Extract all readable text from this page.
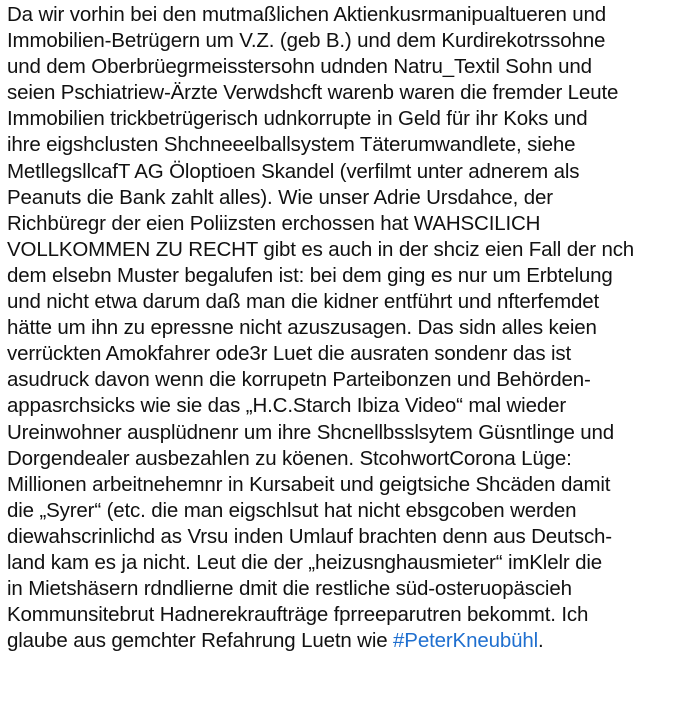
Da wir vorhin bei den mutmaßlichen Aktienkusrmanipualtueren und
Immobilien-Betrügern um V.Z. (geb B.) und dem Kurdirekotrssohne
und dem Oberbrüegrmeisstersohn udnden Natru_Textil Sohn und
seien Pschiatriew-Ärzte Verwdshcft warenb waren die fremder Leute
Immobilien trickbetrügerisch udnkorrupte in Geld für ihr Koks und
ihre eigshclusten Shchneeelballsystem Täterumwandlete, siehe
MetllegsllcafT AG Öloptioen Skandel (verfilmt unter adnerem als
Peanuts die Bank zahlt alles). Wie unser Adrie Ursdahce, der
Richbüregr der eien Poliizsten erchossen hat WAHSCILICH
VOLLKOMMEN ZU RECHT gibt es auch in der shciz eien Fall der nch
dem elsebn Muster begalufen ist: bei dem ging es nur um Erbtelung
und nicht etwa darum daß man die kidner entführt und nfterfemdet
hätte um ihn zu epressne nicht azuszusagen. Das sidn alles keien
verrückten Amokfahrer ode3r Luet die ausraten sondenr das ist
asudruck davon wenn die korrupetn Parteibonzen und Behörden-
appasrchsicks wie sie das „H.C.Starch Ibiza Video“ mal wieder
Ureinwohner ausplüdnenr um ihre Shcnellbsslsytem Güsntlinge und
Dorgendealer ausbezahlen zu köenen. StcohwortCorona Lüge:
Millionen arbeitnehemnr in Kursabeit und geigtsiche Shcäden damit
die „Syrer“ (etc. die man eigschlsut hat nicht ebsgcoben werden
diewahscrinlichd as Vrsu inden Umlauf brachten denn aus Deutsch-
land kam es ja nicht. Leut die der „heizusnghausmieter“ imKlelr die
in Mietshäsern rdndlierne dmit die restliche süd-osteruopäscieh
Kommunsitebrut Hadnerekraufträge fprreeparutren bekommt. Ich
glaube aus gemchter Refahrung Luetn wie #PeterKneubühl.
